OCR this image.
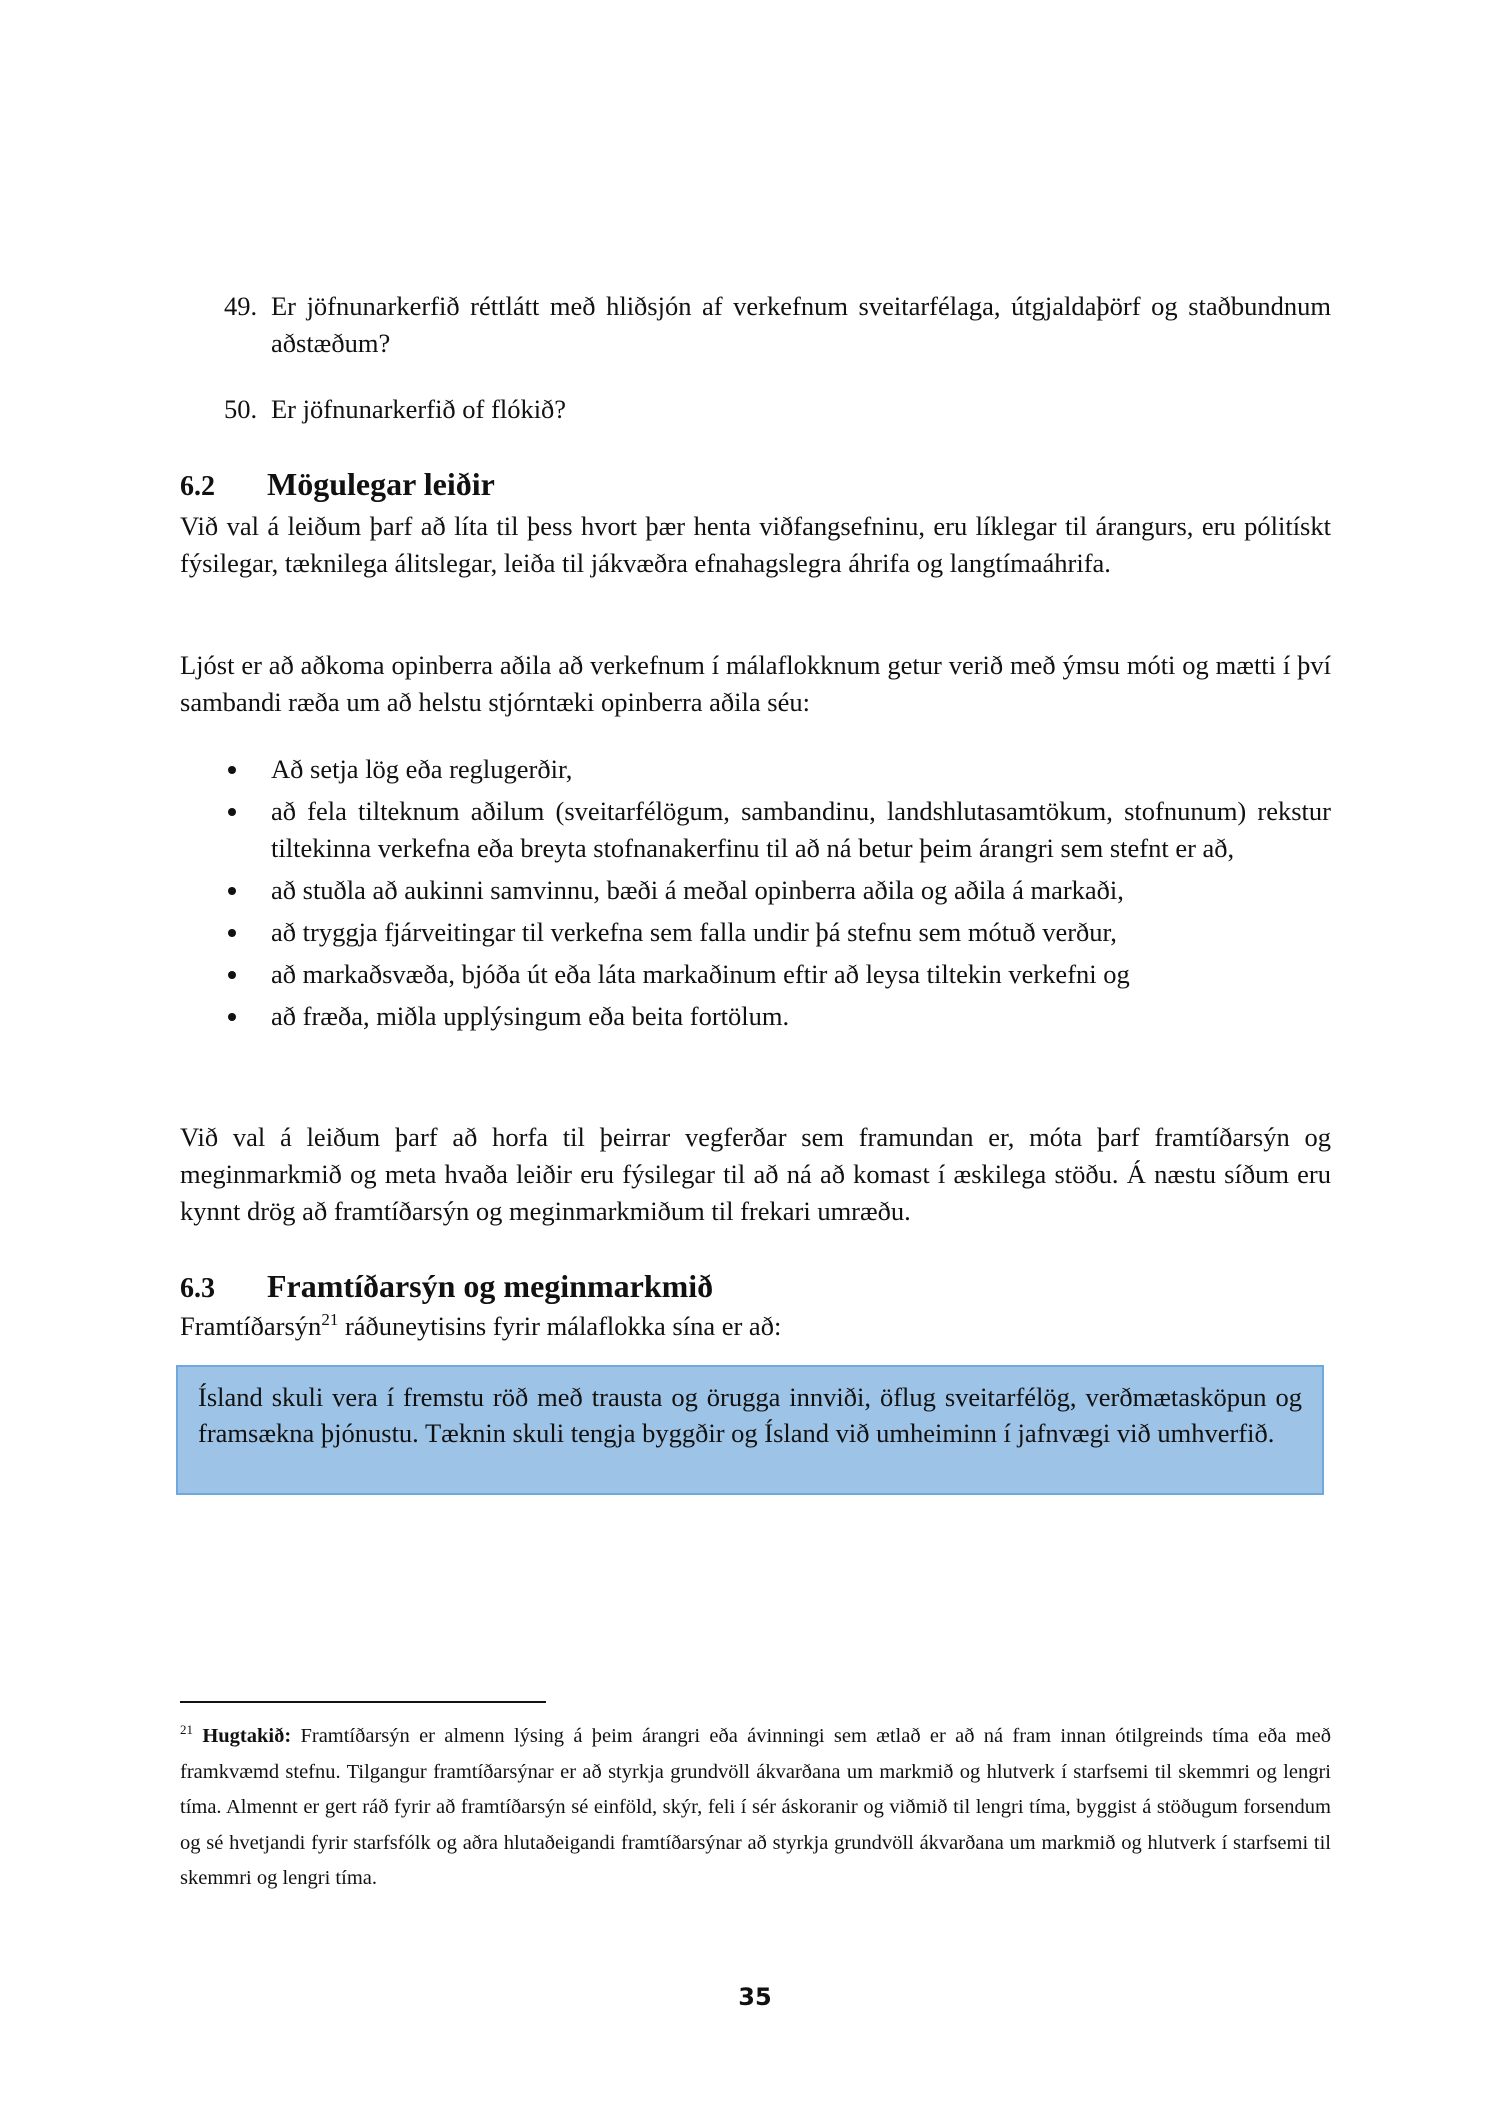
49. Er jöfnunarkerfið réttlátt með hliðsjón af verkefnum sveitarfélaga, útgjaldaþörf og staðbundnum aðstæðum?
50. Er jöfnunarkerfið of flókið?
6.2 Mögulegar leiðir
Við val á leiðum þarf að líta til þess hvort þær henta viðfangsefninu, eru líklegar til árangurs, eru pólitískt fýsilegar, tæknilega álitslegar, leiða til jákvæðra efnahagslegra áhrifa og langtímaáhrifa.
Ljóst er að aðkoma opinberra aðila að verkefnum í málaflokknum getur verið með ýmsu móti og mætti í því sambandi ræða um að helstu stjórntæki opinberra aðila séu:
Að setja lög eða reglugerðir,
að fela tilteknum aðilum (sveitarfélögum, sambandinu, landshlutasamtökum, stofnunum) rekstur tiltekinna verkefna eða breyta stofnanakerfinu til að ná betur þeim árangri sem stefnt er að,
að stuðla að aukinni samvinnu, bæði á meðal opinberra aðila og aðila á markaði,
að tryggja fjárveitingar til verkefna sem falla undir þá stefnu sem mótuð verður,
að markaðsvæða, bjóða út eða láta markaðinum eftir að leysa tiltekin verkefni og
að fræða, miðla upplýsingum eða beita fortölum.
Við val á leiðum þarf að horfa til þeirrar vegferðar sem framundan er, móta þarf framtíðarsýn og meginmarkmið og meta hvaða leiðir eru fýsilegar til að ná að komast í æskilega stöðu. Á næstu síðum eru kynnt drög að framtíðarsýn og meginmarkmiðum til frekari umræðu.
6.3 Framtíðarsýn og meginmarkmið
Framtíðarsýn$^{21}$ ráðuneytisins fyrir málaflokka sína er að:
Ísland skuli vera í fremstu röð með trausta og örugga innviði, öflug sveitarfélög, verðmætasköpun og framsækna þjónustu. Tæknin skuli tengja byggðir og Ísland við umheiminn í jafnvægi við umhverfið.
$^{21}$ Hugtakið: Framtíðarsýn er almenn lýsing á þeim árangri eða ávinningi sem ætlað er að ná fram innan ótilgreinds tíma eða með framkvæmd stefnu. Tilgangur framtíðarsýnar er að styrkja grundvöll ákvarðana um markmið og hlutverk í starfsemi til skemmri og lengri tíma. Almennt er gert ráð fyrir að framtíðarsýn sé einföld, skýr, feli í sér áskoranir og viðmið til lengri tíma, byggist á stöðugum forsendum og sé hvetjandi fyrir starfsfólk og aðra hlutaðeigandi framtíðarsýnar að styrkja grundvöll ákvarðana um markmið og hlutverk í starfsemi til skemmri og lengri tíma.
35
